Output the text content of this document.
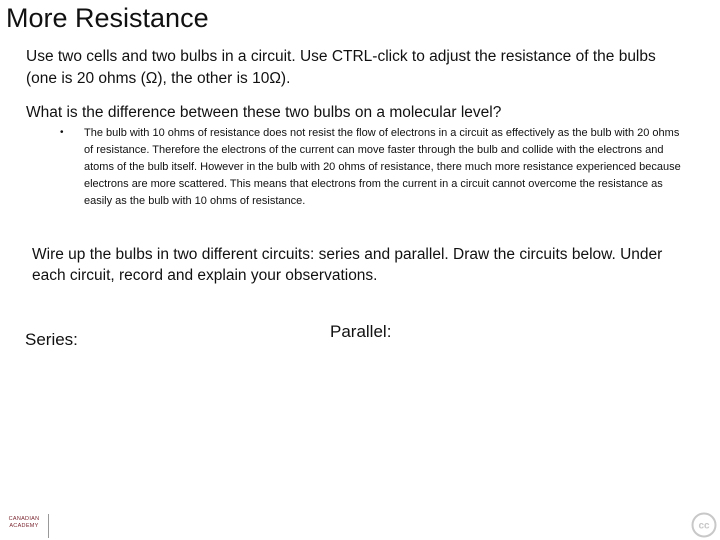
More Resistance

Use two cells and two bulbs in a circuit. Use CTRL-click to adjust the resistance of the bulbs (one is 20 ohms (Ω), the other is 10Ω).

What is the difference between these two bulbs on a molecular level?

• The bulb with 10 ohms of resistance does not resist the flow of electrons in a circuit as effectively as the bulb with 20 ohms of resistance. Therefore the electrons of the current can move faster through the bulb and collide with the electrons and atoms of the bulb itself. However in the bulb with 20 ohms of resistance, there much more resistance experienced because electrons are more scattered. This means that electrons from the current in a circuit cannot overcome the resistance as easily as the bulb with 10 ohms of resistance.

Wire up the bulbs in two different circuits: series and parallel. Draw the circuits below. Under each circuit, record and explain your observations.

Series:	Parallel:

CANADIAN
ACADEMY	cc
